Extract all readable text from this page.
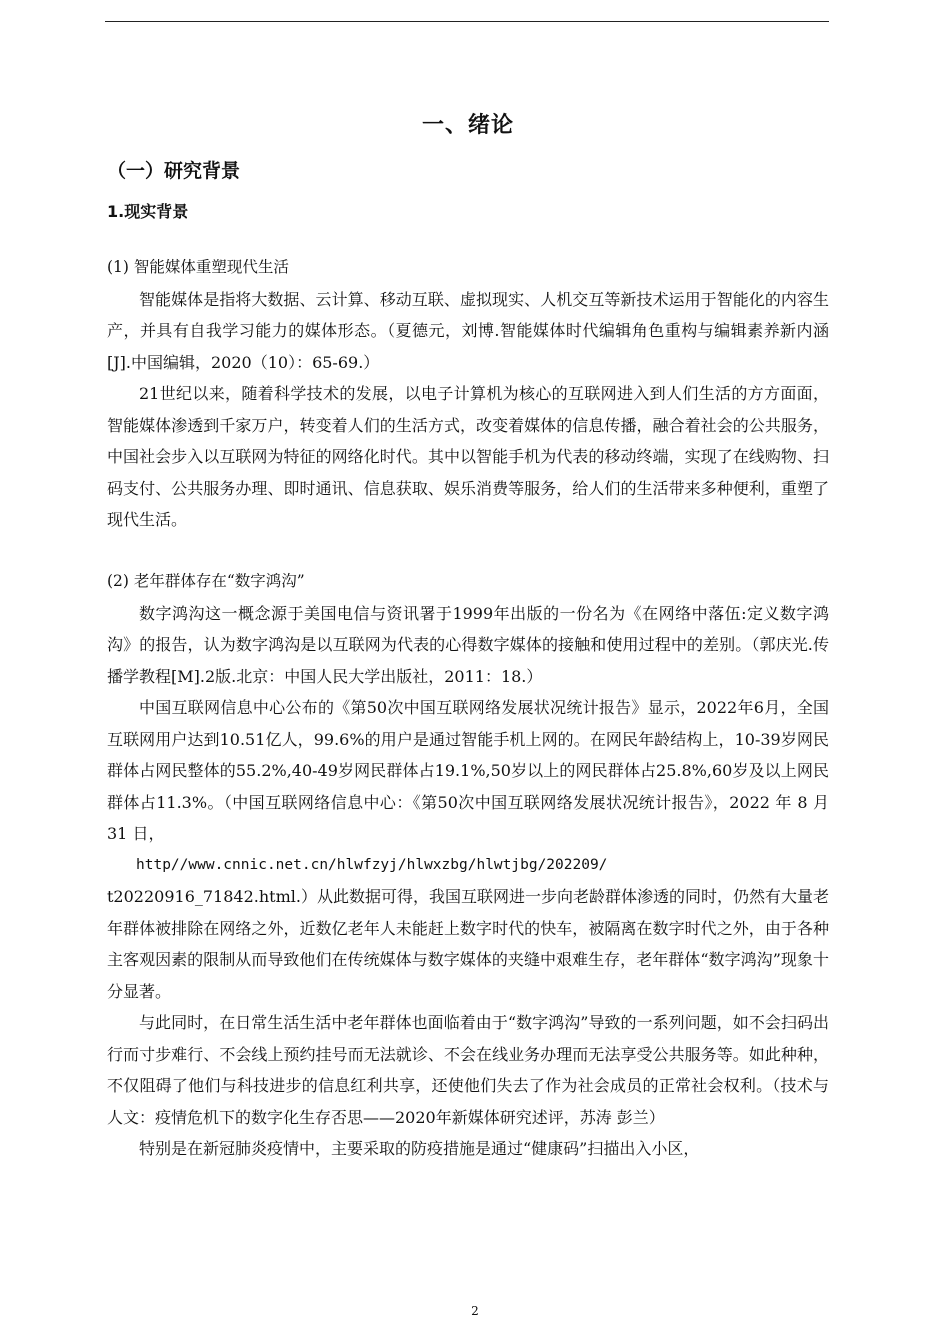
一、绪论
（一）研究背景
1.现实背景

(1) 智能媒体重塑现代生活

智能媒体是指将大数据、云计算、移动互联、虚拟现实、人机交互等新技术运用于智能化的内容生产，并具有自我学习能力的媒体形态。（夏德元，刘博.智能媒体时代编辑角色重构与编辑素养新内涵[J].中国编辑，2020（10）：65-69.）

21世纪以来，随着科学技术的发展，以电子计算机为核心的互联网进入到人们生活的方方面面，智能媒体渗透到千家万户，转变着人们的生活方式，改变着媒体的信息传播，融合着社会的公共服务，中国社会步入以互联网为特征的网络化时代。其中以智能手机为代表的移动终端，实现了在线购物、扫码支付、公共服务办理、即时通讯、信息获取、娱乐消费等服务，给人们的生活带来多种便利，重塑了现代生活。

(2) 老年群体存在“数字鸿沟”

数字鸿沟这一概念源于美国电信与资讯署于1999年出版的一份名为《在网络中落伍:定义数字鸿沟》的报告，认为数字鸿沟是以互联网为代表的心得数字媒体的接触和使用过程中的差别。（郭庆光.传播学教程[M].2版.北京：中国人民大学出版社，2011：18.）

中国互联网信息中心公布的《第50次中国互联网络发展状况统计报告》显示，2022年6月，全国互联网用户达到10.51亿人，99.6%的用户是通过智能手机上网的。在网民年龄结构上，10-39岁网民群体占网民整体的55.2%,40-49岁网民群体占19.1%,50岁以上的网民群体占25.8%,60岁及以上网民群体占11.3%。（中国互联网络信息中心：《第50次中国互联网络发展状况统计报告》，2022 年 8 月 31 日，

http//www.cnnic.net.cn/hlwfzyj/hlwxzbg/hlwtjbg/202209/

t20220916_71842.html.）从此数据可得，我国互联网进一步向老龄群体渗透的同时，仍然有大量老年群体被排除在网络之外，近数亿老年人未能赶上数字时代的快车，被隔离在数字时代之外，由于各种主客观因素的限制从而导致他们在传统媒体与数字媒体的夹缝中艰难生存，老年群体“数字鸿沟”现象十分显著。

与此同时，在日常生活生活中老年群体也面临着由于“数字鸿沟”导致的一系列问题，如不会扫码出行而寸步难行、不会线上预约挂号而无法就诊、不会在线业务办理而无法享受公共服务等。如此种种，不仅阻碍了他们与科技进步的信息红利共享，还使他们失去了作为社会成员的正常社会权利。（技术与人文：疫情危机下的数字化生存否思——2020年新媒体研究述评，苏涛 彭兰）

特别是在新冠肺炎疫情中，主要采取的防疫措施是通过“健康码”扫描出入小区，

2
